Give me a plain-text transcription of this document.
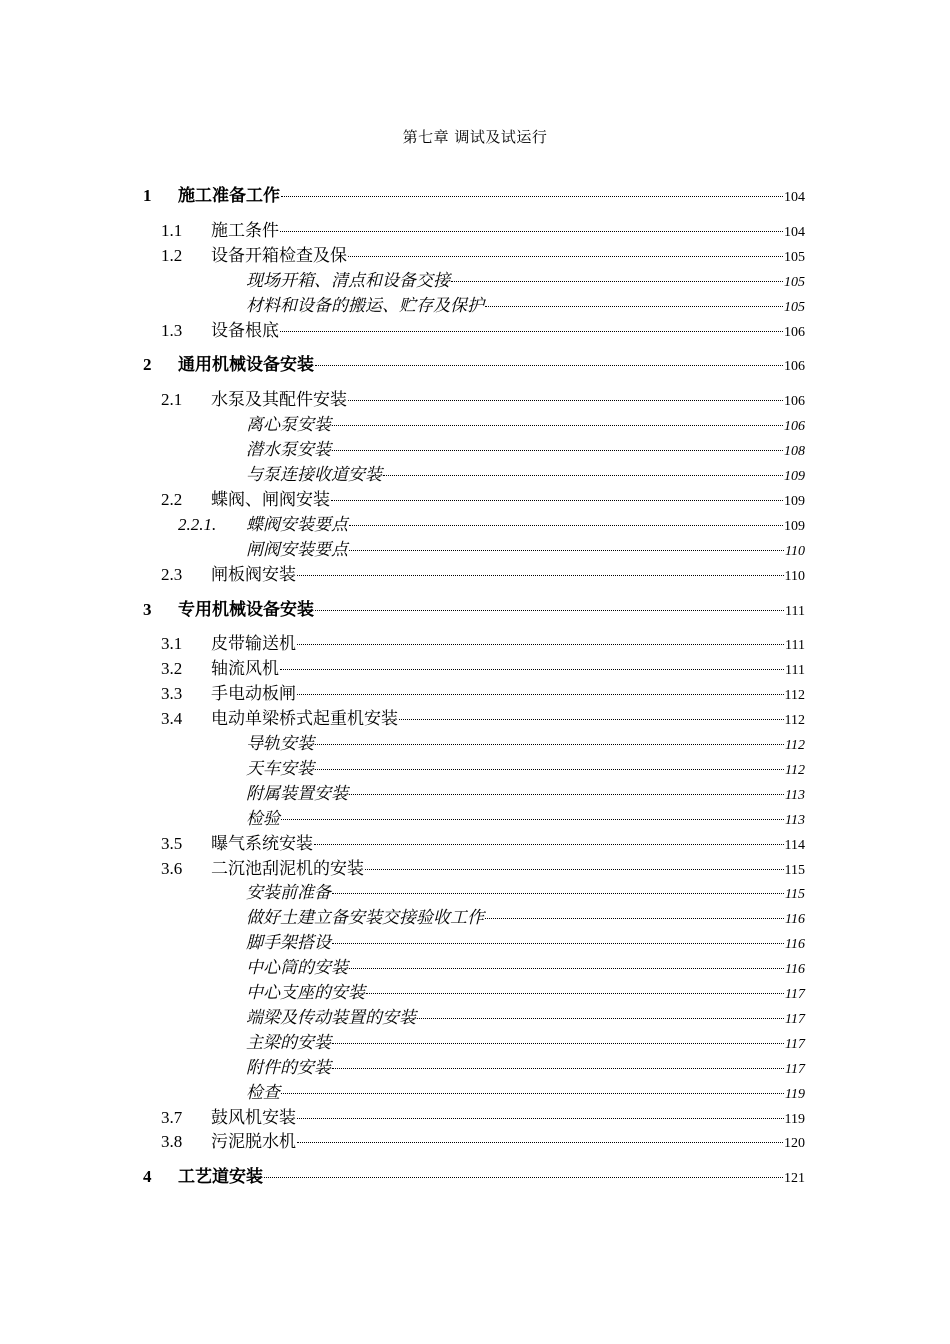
第七章 调试及试运行
1	施工准备工作	104
1.1	施工条件	104
1.2	设备开箱检查及保	105
现场开箱、清点和设备交接	105
材料和设备的搬运、贮存及保护	105
1.3	设备根底	106
2	通用机械设备安装	106
2.1	水泵及其配件安装	106
离心泵安装	106
潜水泵安装	108
与泵连接收道安装	109
2.2	蝶阀、闸阀安装	109
2.2.1.	蝶阀安装要点	109
闸阀安装要点	110
2.3	闸板阀安装	110
3	专用机械设备安装	111
3.1	皮带输送机	111
3.2	轴流风机	111
3.3	手电动板闸	112
3.4	电动单梁桥式起重机安装	112
导轨安装	112
天车安装	112
附属装置安装	113
检验	113
3.5	曝气系统安装	114
3.6	二沉池刮泥机的安装	115
安装前准备	115
做好土建立备安装交接验收工作	116
脚手架搭设	116
中心筒的安装	116
中心支座的安装	117
端梁及传动装置的安装	117
主梁的安装	117
附件的安装	117
检查	119
3.7	鼓风机安装	119
3.8	污泥脱水机	120
4	工艺道安装	121
